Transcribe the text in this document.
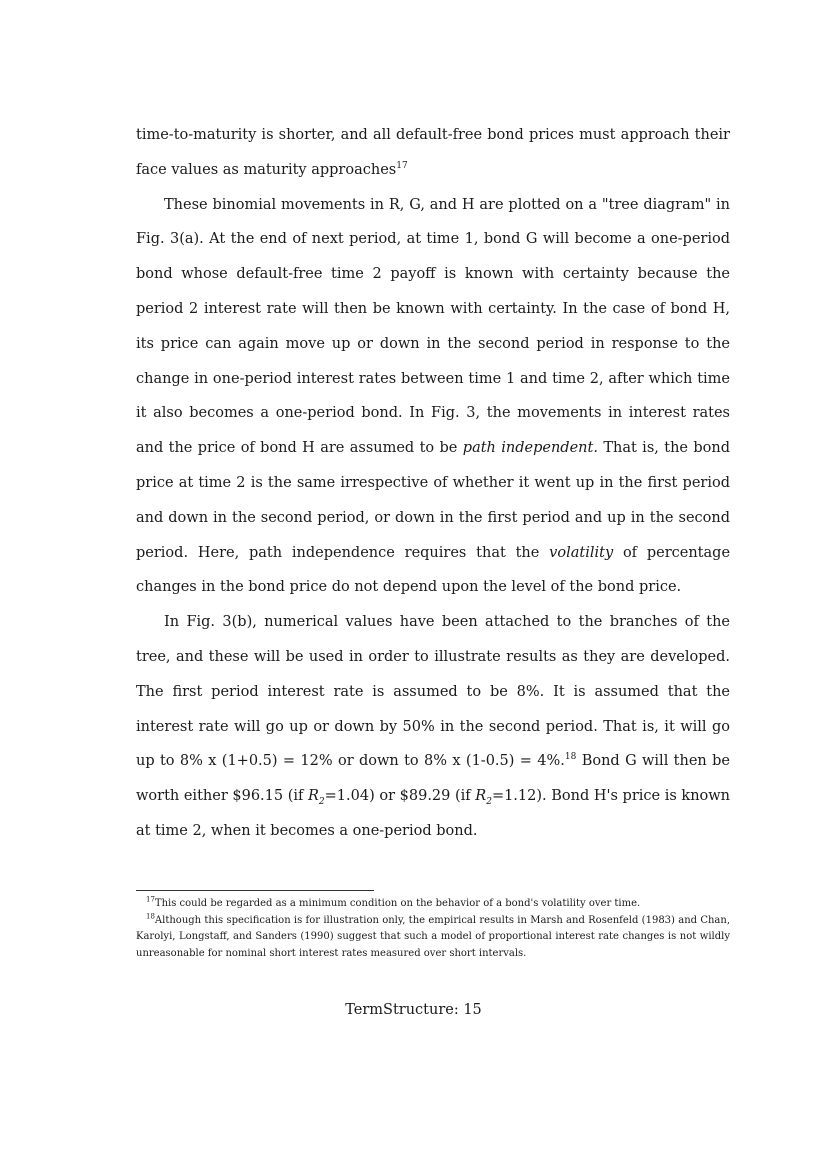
time-to-maturity is shorter, and all default-free bond prices must approach their face values as maturity approaches$^{17}$

These binomial movements in R, G, and H are plotted on a "tree diagram" in Fig. 3(a). At the end of next period, at time 1, bond G will become a one-period bond whose default-free time 2 payoff is known with certainty because the period 2 interest rate will then be known with certainty. In the case of bond H, its price can again move up or down in the second period in response to the change in one-period interest rates between time 1 and time 2, after which time it also becomes a one-period bond. In Fig. 3, the movements in interest rates and the price of bond H are assumed to be path independent. That is, the bond price at time 2 is the same irrespective of whether it went up in the first period and down in the second period, or down in the first period and up in the second period. Here, path independence requires that the volatility of percentage changes in the bond price do not depend upon the level of the bond price.

In Fig. 3(b), numerical values have been attached to the branches of the tree, and these will be used in order to illustrate results as they are developed. The first period interest rate is assumed to be 8%. It is assumed that the interest rate will go up or down by 50% in the second period. That is, it will go up to 8% x (1+0.5) = 12% or down to 8% x (1-0.5) = 4%.$^{18}$ Bond G will then be worth either $96.15 (if $R_2=1.04$) or $89.29 (if $R_2=1.12$). Bond H's price is known at time 2, when it becomes a one-period bond.

$^{17}$This could be regarded as a minimum condition on the behavior of a bond's volatility over time.

$^{18}$Although this specification is for illustration only, the empirical results in Marsh and Rosenfeld (1983) and Chan, Karolyi, Longstaff, and Sanders (1990) suggest that such a model of proportional interest rate changes is not wildly unreasonable for nominal short interest rates measured over short intervals.

TermStructure: 15
